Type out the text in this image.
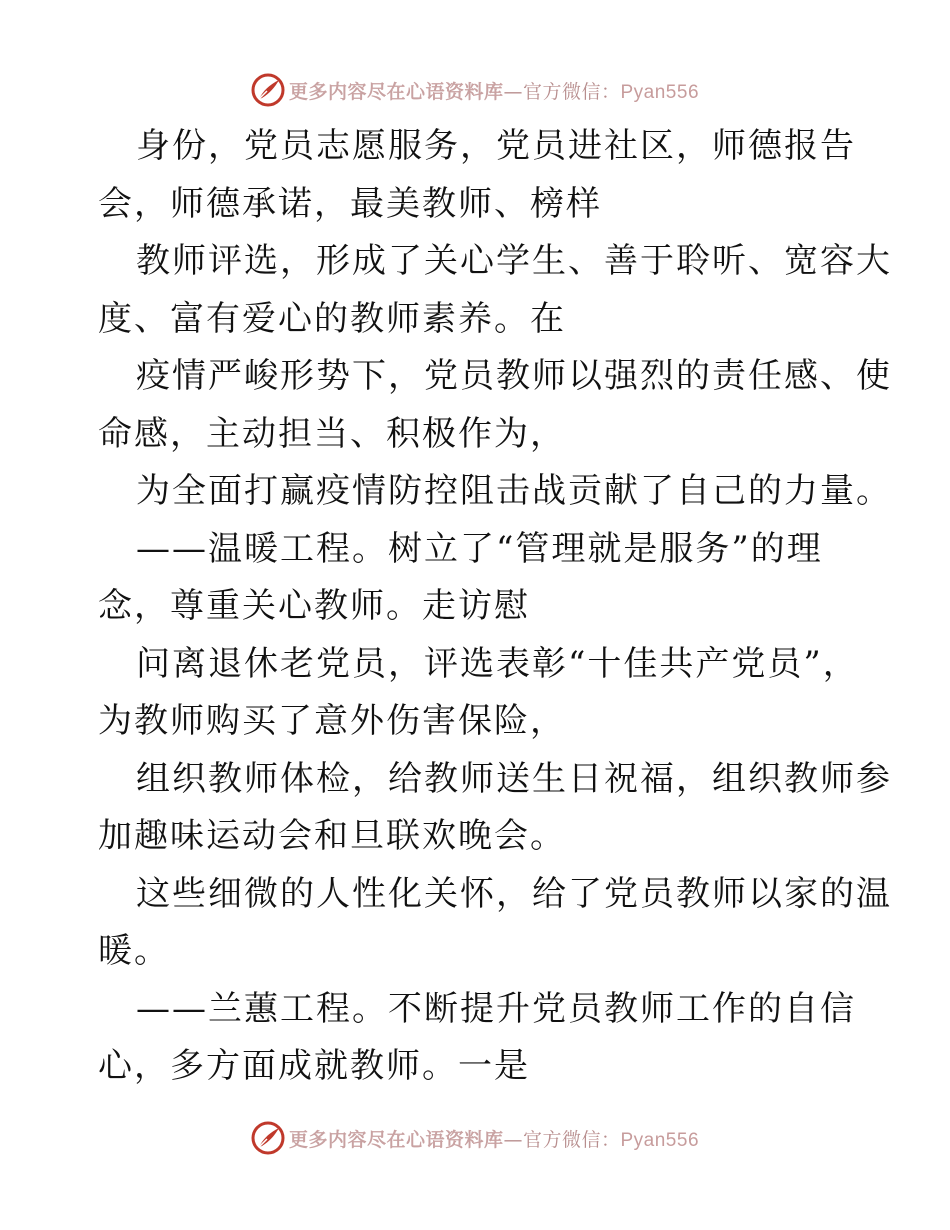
更多内容尽在心语资料库—官方微信：Pyan556
身份，党员志愿服务，党员进社区，师德报告
会，师德承诺，最美教师、榜样
教师评选，形成了关心学生、善于聆听、宽容大
度、富有爱心的教师素养。在
疫情严峻形势下，党员教师以强烈的责任感、使
命感，主动担当、积极作为，
为全面打赢疫情防控阻击战贡献了自己的力量。
——温暖工程。树立了“管理就是服务”的理
念，尊重关心教师。走访慰
问离退休老党员，评选表彰“十佳共产党员”，
为教师购买了意外伤害保险，
组织教师体检，给教师送生日祝福，组织教师参
加趣味运动会和旦联欢晚会。
这些细微的人性化关怀，给了党员教师以家的温
暖。
——兰蕙工程。不断提升党员教师工作的自信
心，多方面成就教师。一是
更多内容尽在心语资料库—官方微信：Pyan556
